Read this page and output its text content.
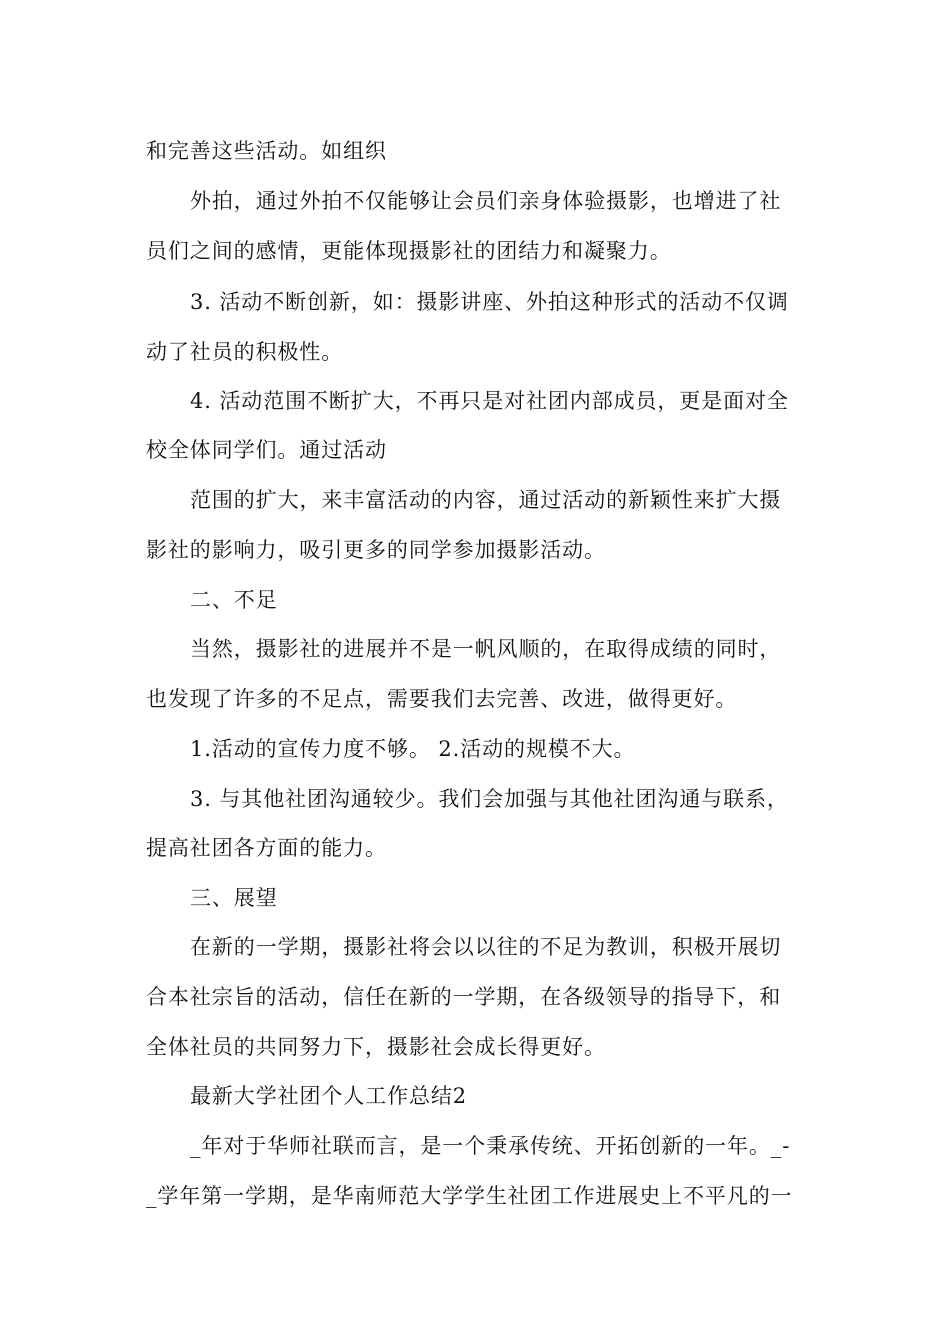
和完善这些活动。如组织
外拍，通过外拍不仅能够让会员们亲身体验摄影，也增进了社
员们之间的感情，更能体现摄影社的团结力和凝聚力。
3. 活动不断创新，如：摄影讲座、外拍这种形式的活动不仅调
动了社员的积极性。
4. 活动范围不断扩大，不再只是对社团内部成员，更是面对全
校全体同学们。通过活动
范围的扩大，来丰富活动的内容，通过活动的新颖性来扩大摄
影社的影响力，吸引更多的同学参加摄影活动。
二、不足
当然，摄影社的进展并不是一帆风顺的，在取得成绩的同时，
也发现了许多的不足点，需要我们去完善、改进，做得更好。
1.活动的宣传力度不够。 2.活动的规模不大。
3. 与其他社团沟通较少。我们会加强与其他社团沟通与联系，
提高社团各方面的能力。
三、展望
在新的一学期，摄影社将会以以往的不足为教训，积极开展切
合本社宗旨的活动，信任在新的一学期，在各级领导的指导下，和
全体社员的共同努力下，摄影社会成长得更好。
最新大学社团个人工作总结2
_年对于华师社联而言，是一个秉承传统、开拓创新的一年。_-
_学年第一学期，是华南师范大学学生社团工作进展史上不平凡的一
